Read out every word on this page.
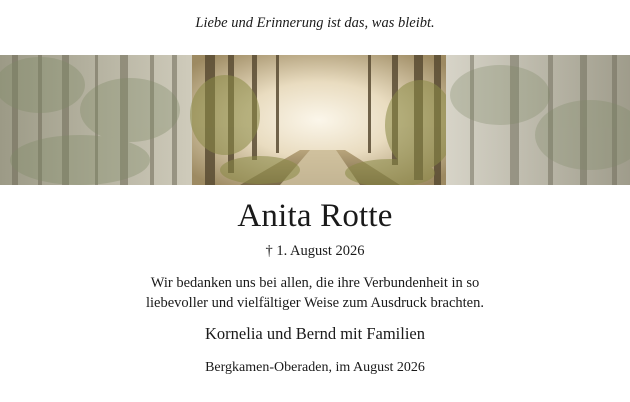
Liebe und Erinnerung ist das, was bleibt.
Anita Rotte
† 1. August 2026
Wir bedanken uns bei allen, die ihre Verbundenheit in so
liebevoller und vielfältiger Weise zum Ausdruck brachten.
Kornelia und Bernd mit Familien
Bergkamen-Oberaden, im August 2026
